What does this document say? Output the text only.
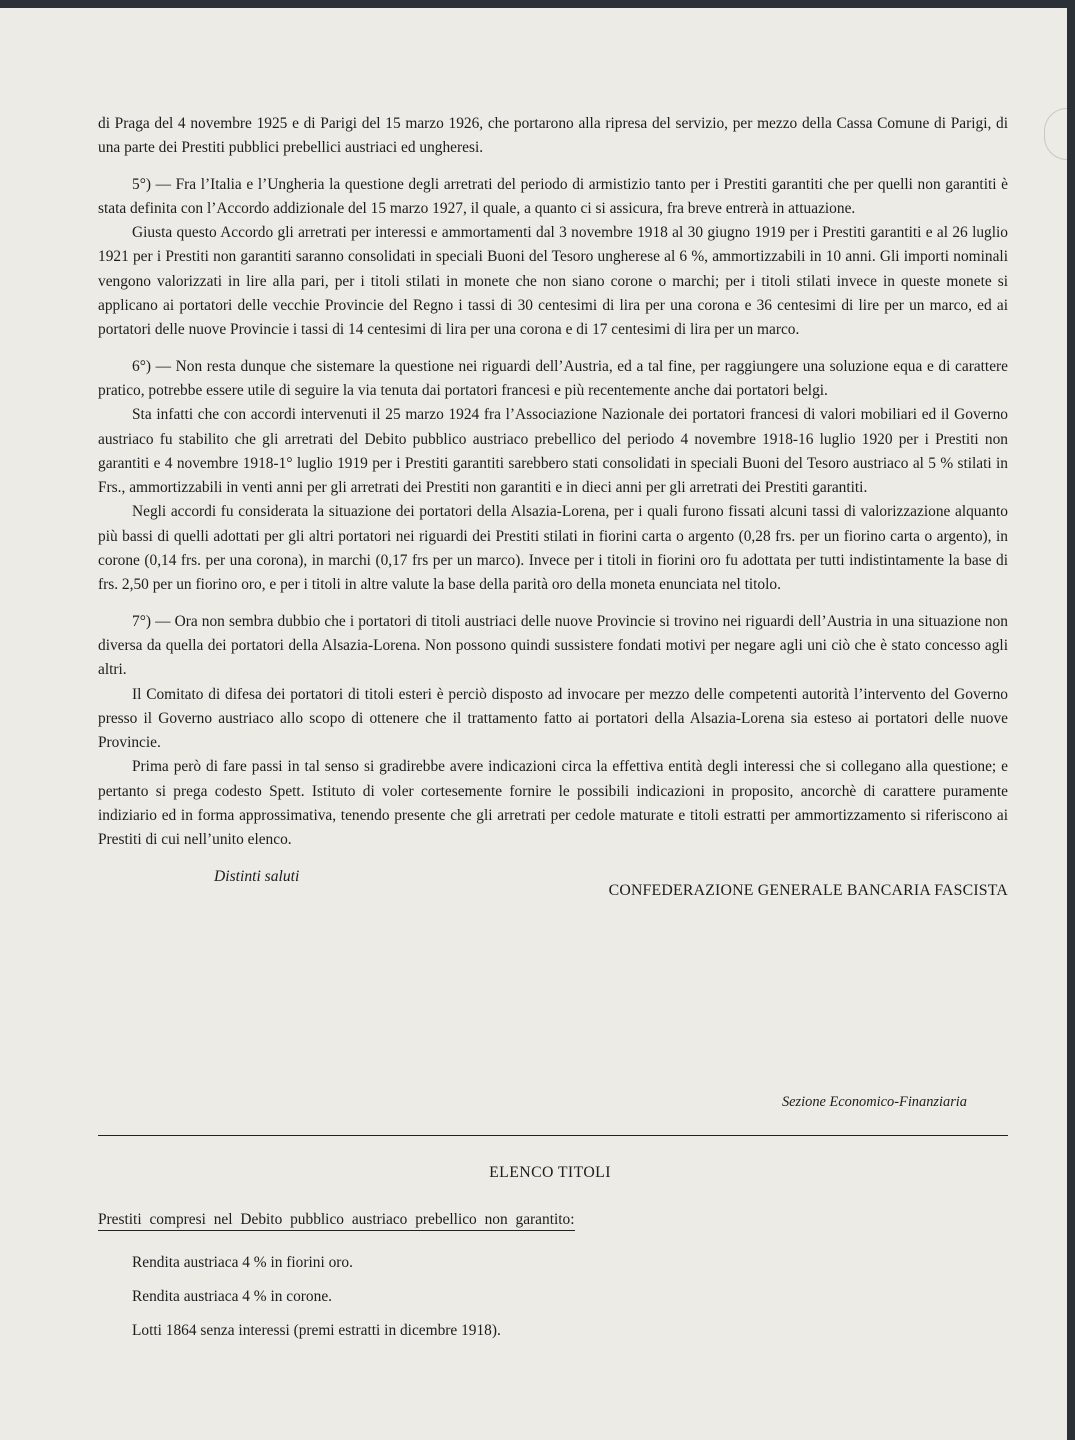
di Praga del 4 novembre 1925 e di Parigi del 15 marzo 1926, che portarono alla ripresa del servizio, per mezzo della Cassa Comune di Parigi, di una parte dei Prestiti pubblici prebellici austriaci ed ungheresi.

5°) — Fra l’Italia e l’Ungheria la questione degli arretrati del periodo di armistizio tanto per i Prestiti garantiti che per quelli non garantiti è stata definita con l’Accordo addizionale del 15 marzo 1927, il quale, a quanto ci si assicura, fra breve entrerà in attuazione.

Giusta questo Accordo gli arretrati per interessi e ammortamenti dal 3 novembre 1918 al 30 giugno 1919 per i Prestiti garantiti e al 26 luglio 1921 per i Prestiti non garantiti saranno consolidati in speciali Buoni del Tesoro ungherese al 6 %, ammortizzabili in 10 anni. Gli importi nominali vengono valorizzati in lire alla pari, per i titoli stilati in monete che non siano corone o marchi; per i titoli stilati invece in queste monete si applicano ai portatori delle vecchie Provincie del Regno i tassi di 30 centesimi di lira per una corona e 36 centesimi di lire per un marco, ed ai portatori delle nuove Provincie i tassi di 14 centesimi di lira per una corona e di 17 centesimi di lira per un marco.

6°) — Non resta dunque che sistemare la questione nei riguardi dell’Austria, ed a tal fine, per raggiungere una soluzione equa e di carattere pratico, potrebbe essere utile di seguire la via tenuta dai portatori francesi e più recentemente anche dai portatori belgi.

Sta infatti che con accordi intervenuti il 25 marzo 1924 fra l’Associazione Nazionale dei portatori francesi di valori mobiliari ed il Governo austriaco fu stabilito che gli arretrati del Debito pubblico austriaco prebellico del periodo 4 novembre 1918-16 luglio 1920 per i Prestiti non garantiti e 4 novembre 1918-1° luglio 1919 per i Prestiti garantiti sarebbero stati consolidati in speciali Buoni del Tesoro austriaco al 5 % stilati in Frs., ammortizzabili in venti anni per gli arretrati dei Prestiti non garantiti e in dieci anni per gli arretrati dei Prestiti garantiti.

Negli accordi fu considerata la situazione dei portatori della Alsazia-Lorena, per i quali furono fissati alcuni tassi di valorizzazione alquanto più bassi di quelli adottati per gli altri portatori nei riguardi dei Prestiti stilati in fiorini carta o argento (0,28 frs. per un fiorino carta o argento), in corone (0,14 frs. per una corona), in marchi (0,17 frs per un marco). Invece per i titoli in fiorini oro fu adottata per tutti indistintamente la base di frs. 2,50 per un fiorino oro, e per i titoli in altre valute la base della parità oro della moneta enunciata nel titolo.

7°) — Ora non sembra dubbio che i portatori di titoli austriaci delle nuove Provincie si trovino nei riguardi dell’Austria in una situazione non diversa da quella dei portatori della Alsazia-Lorena. Non possono quindi sussistere fondati motivi per negare agli uni ciò che è stato concesso agli altri.

Il Comitato di difesa dei portatori di titoli esteri è perciò disposto ad invocare per mezzo delle competenti autorità l’intervento del Governo presso il Governo austriaco allo scopo di ottenere che il trattamento fatto ai portatori della Alsazia-Lorena sia esteso ai portatori delle nuove Provincie.

Prima però di fare passi in tal senso si gradirebbe avere indicazioni circa la effettiva entità degli interessi che si collegano alla questione; e pertanto si prega codesto Spett. Istituto di voler cortesemente fornire le possibili indicazioni in proposito, ancorchè di carattere puramente indiziario ed in forma approssimativa, tenendo presente che gli arretrati per cedole maturate e titoli estratti per ammortizzamento si riferiscono ai Prestiti di cui nell’unito elenco.

Distinti saluti
CONFEDERAZIONE GENERALE BANCARIA FASCISTA
Sezione Economico-Finanziaria
ELENCO TITOLI
Prestiti compresi nel Debito pubblico austriaco prebellico non garantito:
Rendita austriaca 4 % in fiorini oro.
Rendita austriaca 4 % in corone.
Lotti 1864 senza interessi (premi estratti in dicembre 1918).
